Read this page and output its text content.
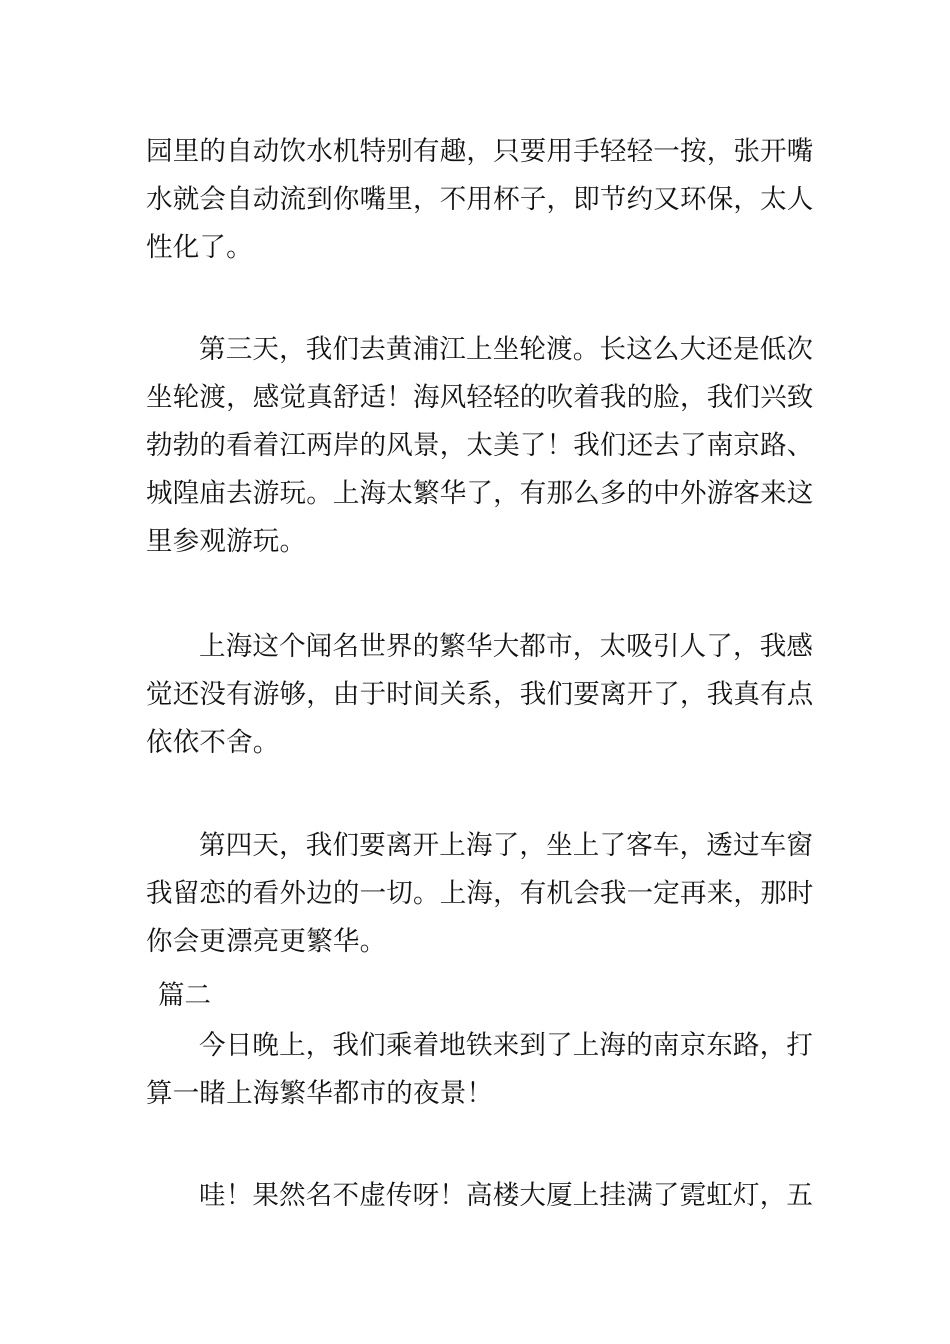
园里的自动饮水机特别有趣，只要用手轻轻一按，张开嘴
水就会自动流到你嘴里，不用杯子，即节约又环保，太人
性化了。
第三天，我们去黄浦江上坐轮渡。长这么大还是低次
坐轮渡，感觉真舒适！海风轻轻的吹着我的脸，我们兴致
勃勃的看着江两岸的风景，太美了！我们还去了南京路、
城隍庙去游玩。上海太繁华了，有那么多的中外游客来这
里参观游玩。
上海这个闻名世界的繁华大都市，太吸引人了，我感
觉还没有游够，由于时间关系，我们要离开了，我真有点
依依不舍。
第四天，我们要离开上海了，坐上了客车，透过车窗
我留恋的看外边的一切。上海，有机会我一定再来，那时
你会更漂亮更繁华。
篇二
今日晚上，我们乘着地铁来到了上海的南京东路，打
算一睹上海繁华都市的夜景！
哇！果然名不虚传呀！高楼大厦上挂满了霓虹灯，五
